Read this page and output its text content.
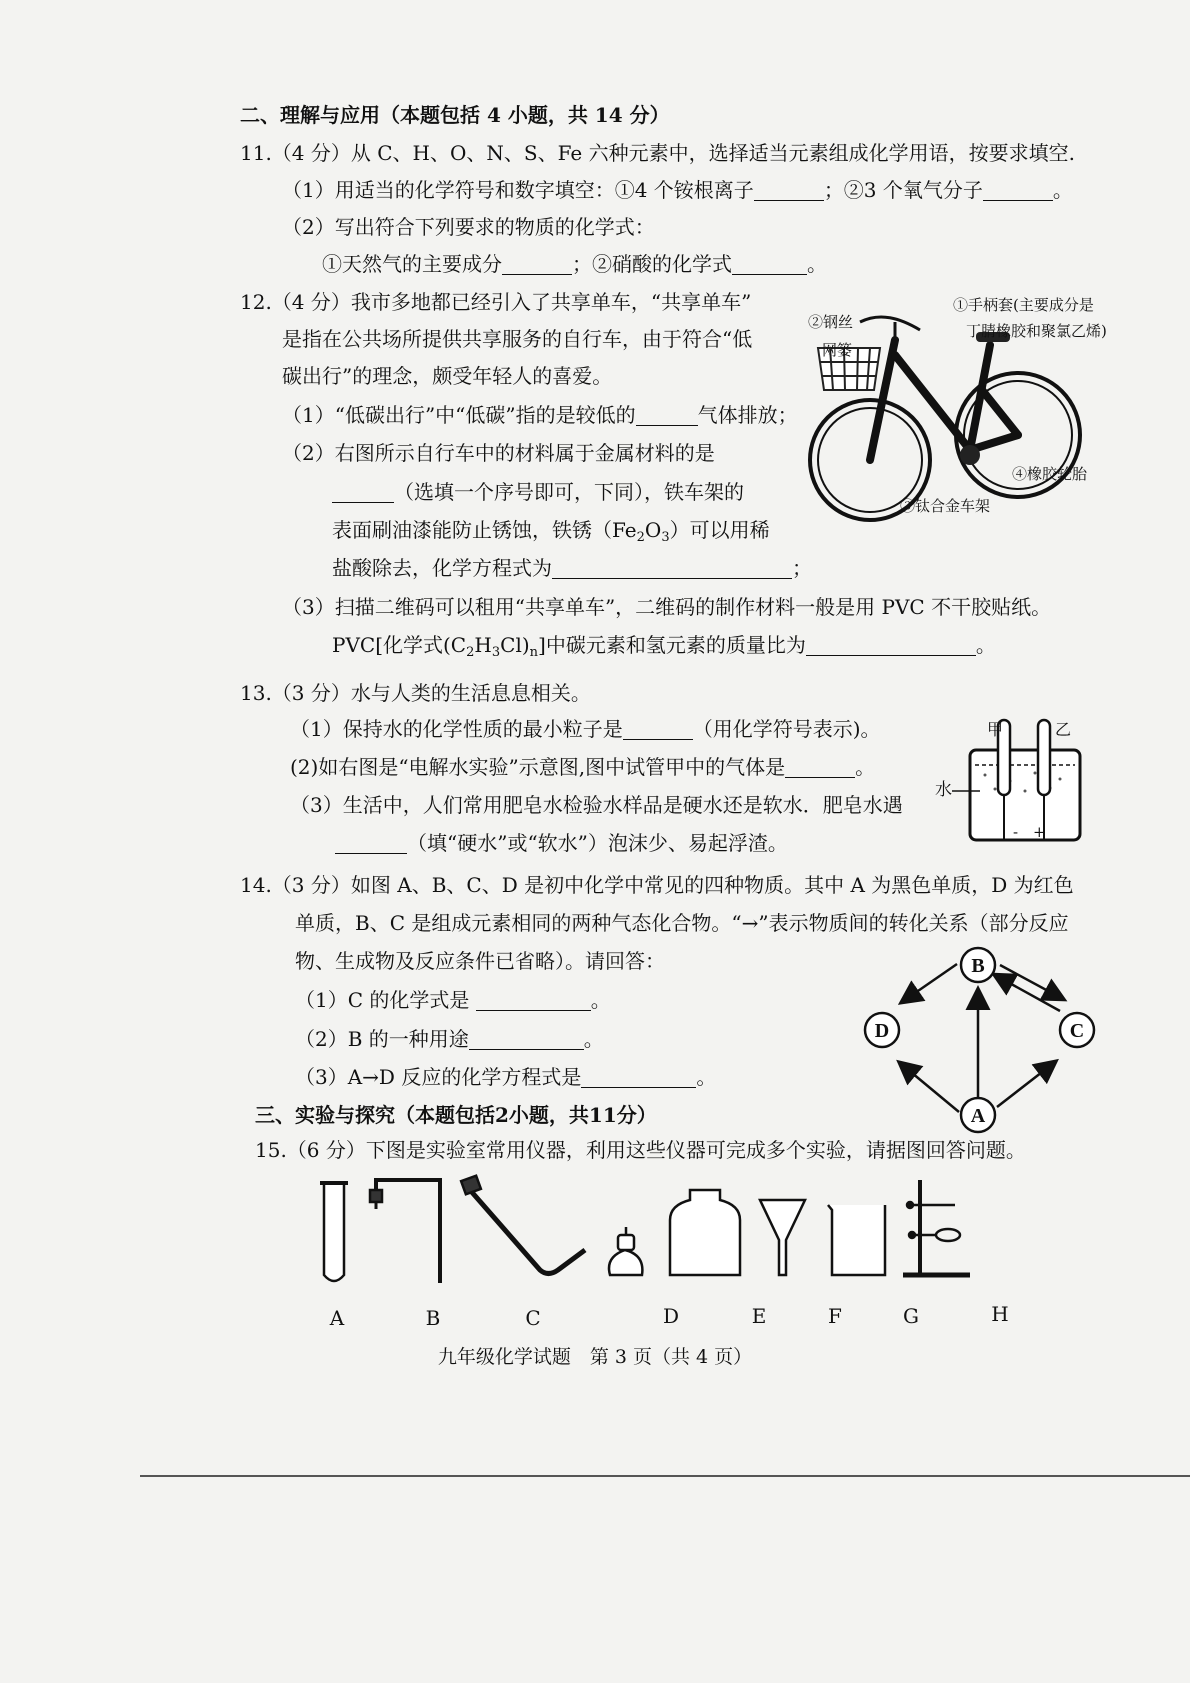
二、理解与应用（本题包括 4 小题，共 14 分）
11.（4 分）从 C、H、O、N、S、Fe 六种元素中，选择适当元素组成化学用语，按要求填空.
（1）用适当的化学符号和数字填空：①4 个铵根离子	；②3 个氧气分子	。
（2）写出符合下列要求的物质的化学式：
①天然气的主要成分	；②硝酸的化学式	。
12.（4 分）我市多地都已经引入了共享单车，“共享单车”
是指在公共场所提供共享服务的自行车，由于符合“低
碳出行”的理念，颇受年轻人的喜爱。
（1）“低碳出行”中“低碳”指的是较低的	气体排放；
（2）右图所示自行车中的材料属于金属材料的是
（选填一个序号即可，下同），铁车架的
表面刷油漆能防止锈蚀，铁锈$(Fe_2O_3)$可以用稀
盐酸除去，化学方程式为	；
（3）扫描二维码可以租用“共享单车”，二维码的制作材料一般是用 PVC 不干胶贴纸。
PVC[化学式$(C_2H_3Cl)_n$]中碳元素和氢元素的质量比为	。
①手柄套(主要成分是
丁腈橡胶和聚氯乙烯)
②钢丝
网篓
③钛合金车架
④橡胶轮胎
13.（3 分）水与人类的生活息息相关。
（1）保持水的化学性质的最小粒子是	（用化学符号表示)。
(2)如右图是“电解水实验”示意图,图中试管甲中的气体是	。
（3）生活中，人们常用肥皂水检验水样品是硬水还是软水．肥皂水遇
（填“硬水”或“软水”）泡沫少、易起浮渣。
甲	乙
水
- +
14.（3 分）如图 A、B、C、D 是初中化学中常见的四种物质。其中 A 为黑色单质，D 为红色
单质，B、C 是组成元素相同的两种气态化合物。“→”表示物质间的转化关系（部分反应
物、生成物及反应条件已省略）。请回答：
（1）C 的化学式是	。
（2）B 的一种用途	。
（3）A→D 反应的化学方程式是	。
B
D	C
A
三、实验与探究（本题包括2小题，共11分）
15.（6 分）下图是实验室常用仪器，利用这些仪器可完成多个实验，请据图回答问题。
A	B	C	D	E	F	G	H
九年级化学试题　第 3 页（共 4 页）
